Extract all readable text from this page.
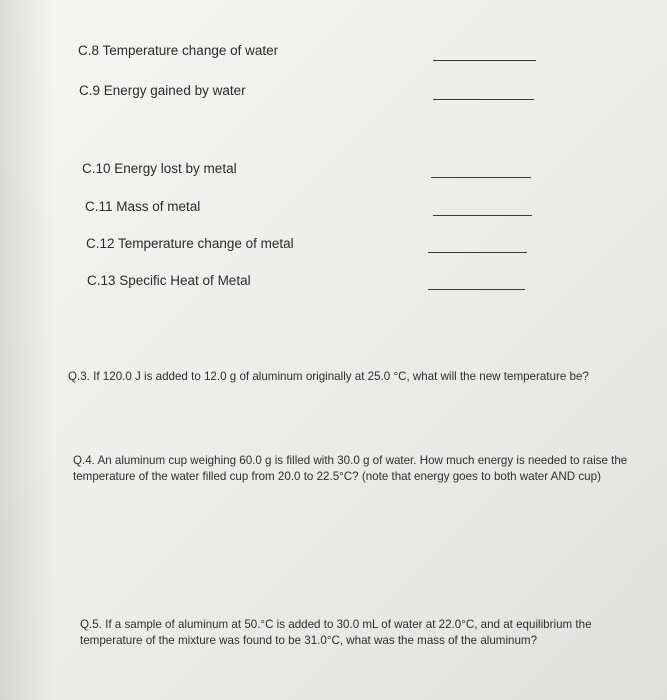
C.8 Temperature change of water
C.9 Energy gained by water
C.10 Energy lost by metal
C.11 Mass of metal
C.12 Temperature change of metal
C.13 Specific Heat of Metal
Q.3. If 120.0 J is added to 12.0 g of aluminum originally at 25.0 °C, what will the new temperature be?
Q.4. An aluminum cup weighing 60.0 g is filled with 30.0 g of water. How much energy is needed to raise the temperature of the water filled cup from 20.0 to 22.5°C? (note that energy goes to both water AND cup)
Q.5. If a sample of aluminum at 50.°C is added to 30.0 mL of water at 22.0°C, and at equilibrium the temperature of the mixture was found to be 31.0°C, what was the mass of the aluminum?
